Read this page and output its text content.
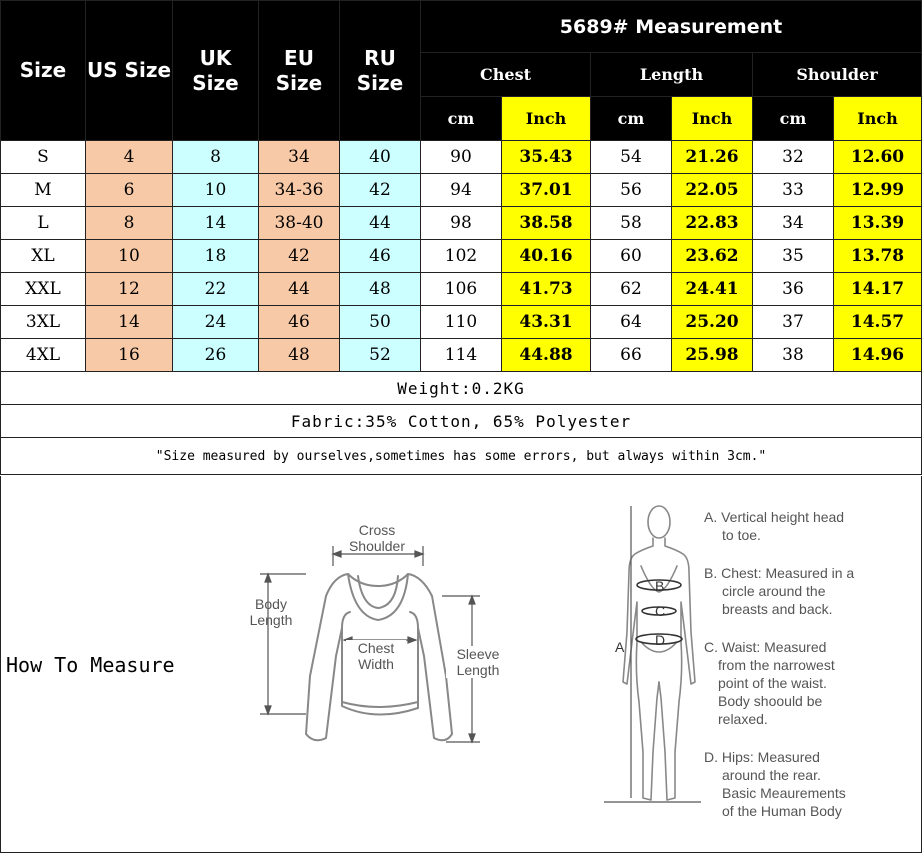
Size	US Size	UK Size	EU Size	RU Size	5689# Measurement					
					Chest		Length		Shoulder	
					cm	Inch	cm	Inch	cm	Inch
S	4	8	34	40	90	35.43	54	21.26	32	12.60
M	6	10	34-36	42	94	37.01	56	22.05	33	12.99
L	8	14	38-40	44	98	38.58	58	22.83	34	13.39
XL	10	18	42	46	102	40.16	60	23.62	35	13.78
XXL	12	22	44	48	106	41.73	62	24.41	36	14.17
3XL	14	24	46	50	110	43.31	64	25.20	37	14.57
4XL	16	26	48	52	114	44.88	66	25.98	38	14.96
Weight:0.2KG										
Fabric:35% Cotton, 65% Polyester										
"Size measured by ourselves,sometimes has some errors, but always within 3cm."										
How To Measure
Cross
Shoulder
Body
Length
Chest
Width
Sleeve
Length
A
B
C
D

A. Vertical height head

to toe.

B. Chest: Measured in a

circle around the

breasts and back.

C. Waist: Measured

from the narrowest

point of the waist.

Body shoould be

relaxed.

D. Hips: Measured

around the rear.

Basic Meaurements

of the Human Body
